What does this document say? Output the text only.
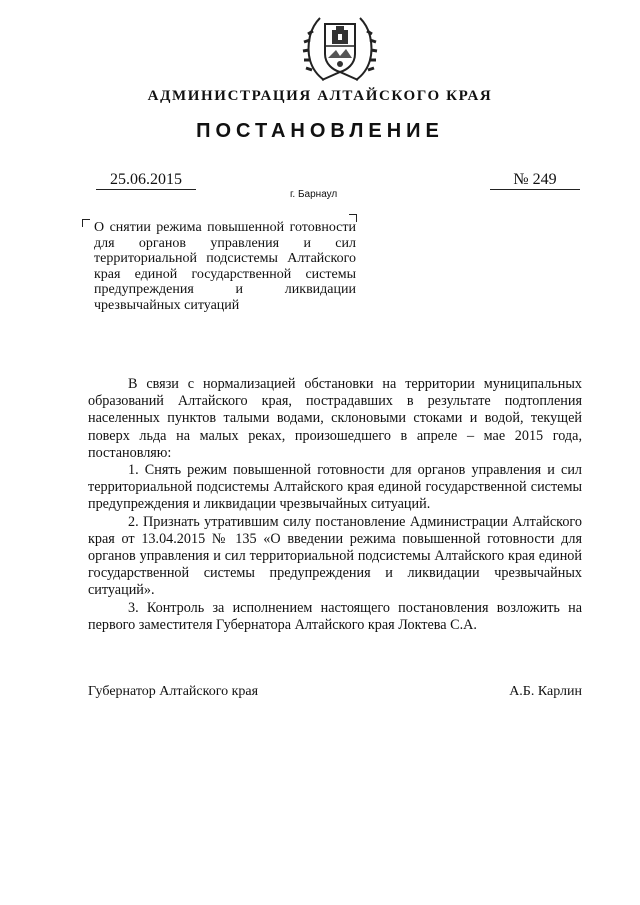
АДМИНИСТРАЦИЯ АЛТАЙСКОГО КРАЯ
ПОСТАНОВЛЕНИЕ
25.06.2015
г. Барнаул
№ 249

О снятии режима повышенной готовности для органов управления и сил территориальной подсистемы Алтайского края единой государственной системы предупреждения и ликвидации чрезвычайных ситуаций

В связи с нормализацией обстановки на территории муниципальных образований Алтайского края, пострадавших в результате подтопления населенных пунктов талыми водами, склоновыми стоками и водой, текущей поверх льда на малых реках, произошедшего в апреле – мае 2015 года, постановляю:

1. Снять режим повышенной готовности для органов управления и сил территориальной подсистемы Алтайского края единой государственной системы предупреждения и ликвидации чрезвычайных ситуаций.

2. Признать утратившим силу постановление Администрации Алтайского края от 13.04.2015 № 135 «О введении режима повышенной готовности для органов управления и сил территориальной подсистемы Алтайского края единой государственной системы предупреждения и ликвидации чрезвычайных ситуаций».

3. Контроль за исполнением настоящего постановления возложить на первого заместителя Губернатора Алтайского края Локтева С.А.

Губернатор Алтайского края	А.Б. Карлин
